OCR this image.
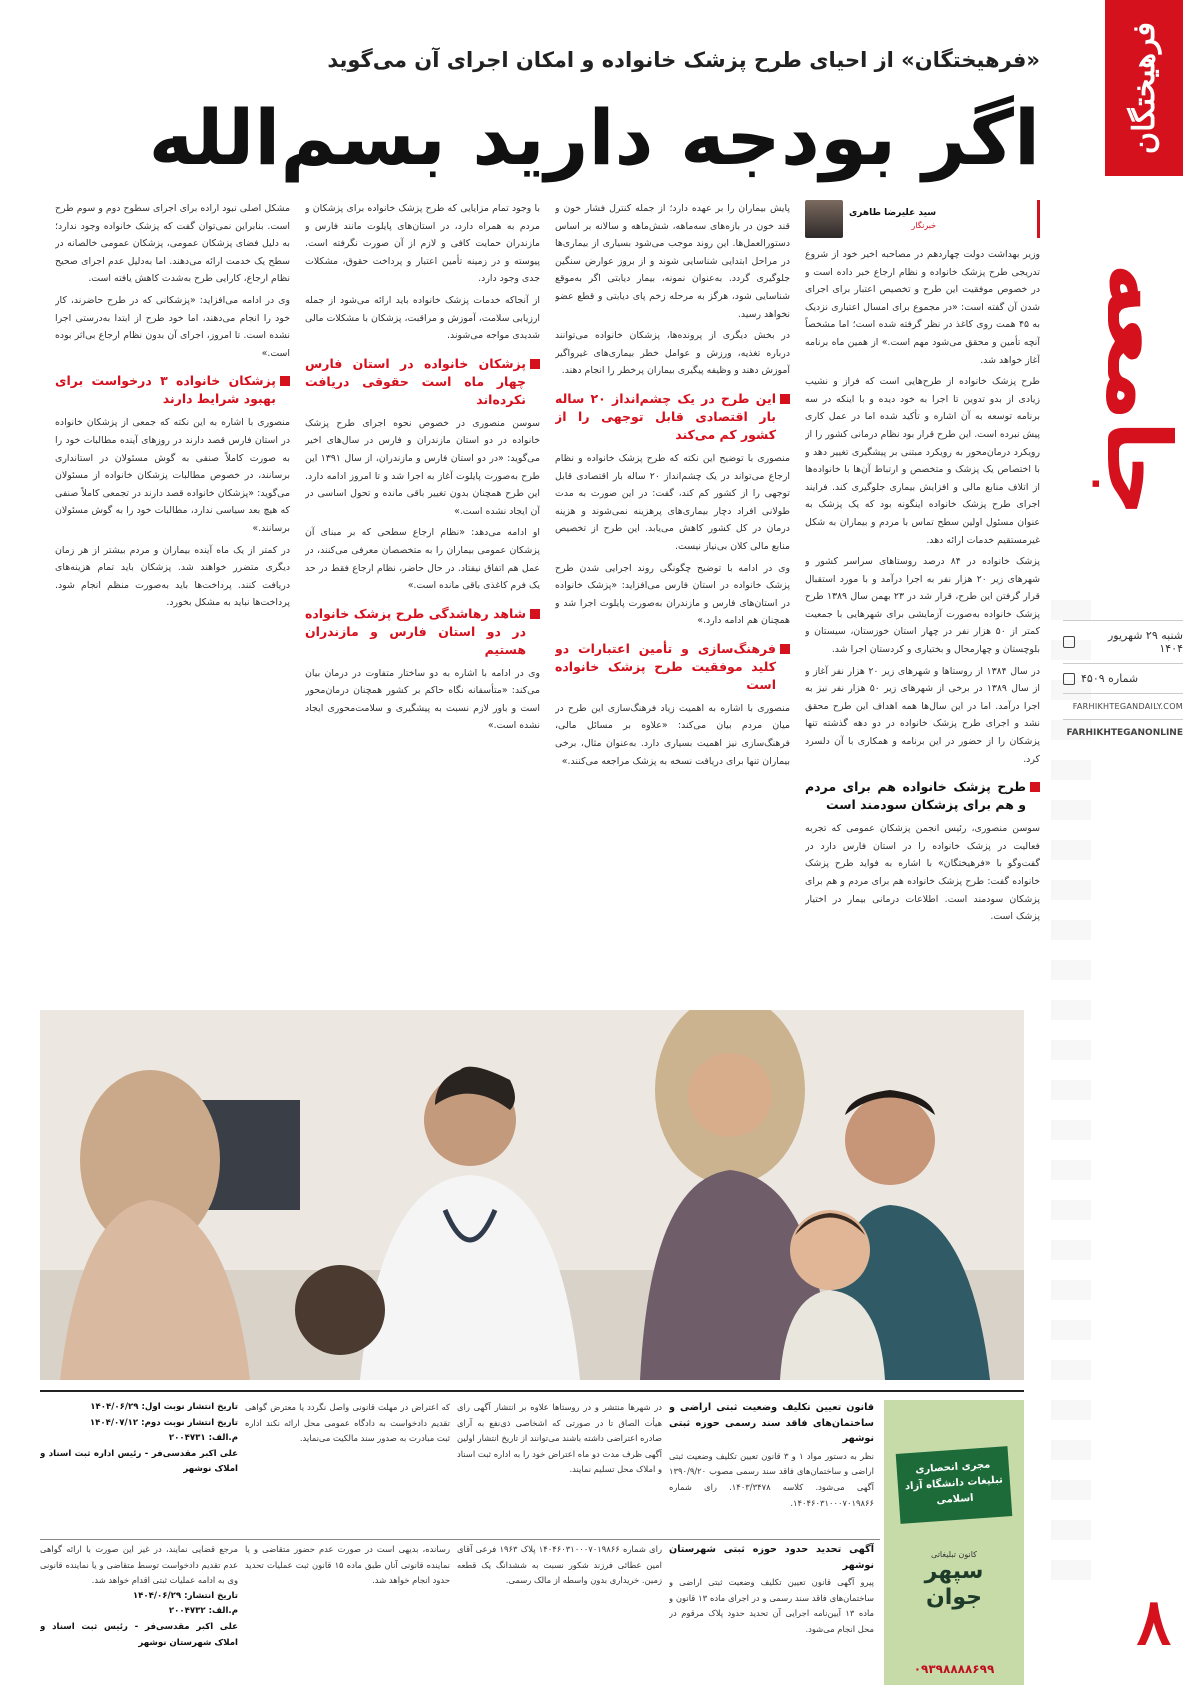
فرهیختگان
جامعه
شنبه ۲۹ شهریور ۱۴۰۴
شماره ۴۵۰۹
FARHIKHTEGANDAILY.COM
FARHIKHTEGANONLINE
۸
«فرهیختگان» از احیای طرح پزشک خانواده و امکان اجرای آن می‌گوید
اگر بودجه دارید بسم‌الله
سید علیرضا طاهری
خبرنگار

وزیر بهداشت دولت چهاردهم در مصاحبه اخیر خود از شروع تدریجی طرح پزشک خانواده و نظام ارجاع خبر داده است و در خصوص موفقیت این طرح و تخصیص اعتبار برای اجرای شدن آن گفته است: «در مجموع برای امسال اعتباری نزدیک به ۴۵ همت روی کاغذ در نظر گرفته شده است؛ اما مشخصاً آنچه تأمین و محقق می‌شود مهم است.» از همین ماه برنامه آغاز خواهد شد.

طرح پزشک خانواده از طرح‌هایی است که فراز و نشیب زیادی از بدو تدوین تا اجرا به خود دیده و با اینکه در سه برنامه توسعه به آن اشاره و تأکید شده اما در عمل کاری پیش نبرده است. این طرح قرار بود نظام درمانی کشور را از رویکرد درمان‌محور به رویکرد مبتنی بر پیشگیری تغییر دهد و با اختصاص یک پزشک و متخصص و ارتباط آن‌ها با خانواده‌ها از اتلاف منابع مالی و افزایش بیماری جلوگیری کند. فرایند اجرای طرح پزشک خانواده اینگونه بود که یک پزشک به عنوان مسئول اولین سطح تماس با مردم و بیماران به شکل غیرمستقیم خدمات ارائه دهد.

پزشک خانواده در ۸۴ درصد روستاهای سراسر کشور و شهرهای زیر ۲۰ هزار نفر به اجرا درآمد و با مورد استقبال قرار گرفتن این طرح، قرار شد در ۲۳ بهمن سال ۱۳۸۹ طرح پزشک خانواده به‌صورت آزمایشی برای شهرهایی با جمعیت کمتر از ۵۰ هزار نفر در چهار استان خوزستان، سیستان و بلوچستان و چهارمحال و بختیاری و کردستان اجرا شد.

در سال ۱۳۸۴ از روستاها و شهرهای زیر ۲۰ هزار نفر آغاز و از سال ۱۳۸۹ در برخی از شهرهای زیر ۵۰ هزار نفر نیز به اجرا درآمد. اما در این سال‌ها همه اهداف این طرح محقق نشد و اجرای طرح پزشک خانواده در دو دهه گذشته تنها پزشکان را از حضور در این برنامه و همکاری با آن دلسرد کرد.

طرح پزشک خانواده هم برای مردم و هم برای پزشکان سودمند است

سوسن منصوری، رئیس انجمن پزشکان عمومی که تجربه فعالیت در پزشک خانواده را در استان فارس دارد در گفت‌وگو با «فرهیختگان» با اشاره به فواید طرح پزشک خانواده گفت: طرح پزشک خانواده هم برای مردم و هم برای پزشکان سودمند است. اطلاعات درمانی بیمار در اختیار پزشک است.

پایش بیماران را بر عهده دارد؛ از جمله کنترل فشار خون و قند خون در بازه‌های سه‌ماهه، شش‌ماهه و سالانه بر اساس دستورالعمل‌ها. این روند موجب می‌شود بسیاری از بیماری‌ها در مراحل ابتدایی شناسایی شوند و از بروز عوارض سنگین جلوگیری گردد. به‌عنوان نمونه، بیمار دیابتی اگر به‌موقع شناسایی شود، هرگز به مرحله زخم پای دیابتی و قطع عضو نخواهد رسید.

در بخش دیگری از پرونده‌ها، پزشکان خانواده می‌توانند درباره تغذیه، ورزش و عوامل خطر بیماری‌های غیرواگیر آموزش دهند و وظیفه پیگیری بیماران پرخطر را انجام دهند.

این طرح در یک چشم‌انداز ۲۰ ساله بار اقتصادی قابل توجهی را از کشور کم می‌کند

منصوری با توضیح این نکته که طرح پزشک خانواده و نظام ارجاع می‌تواند در یک چشم‌انداز ۲۰ ساله بار اقتصادی قابل توجهی را از کشور کم کند، گفت: در این صورت به مدت طولانی افراد دچار بیماری‌های پرهزینه نمی‌شوند و هزینه درمان در کل کشور کاهش می‌یابد. این طرح از تخصیص منابع مالی کلان بی‌نیاز نیست.

وی در ادامه با توضیح چگونگی روند اجرایی شدن طرح پزشک خانواده در استان فارس می‌افزاید: «پزشک خانواده در استان‌های فارس و مازندران به‌صورت پایلوت اجرا شد و همچنان هم ادامه دارد.»

فرهنگ‌سازی و تأمین اعتبارات دو کلید موفقیت طرح پزشک خانواده است

منصوری با اشاره به اهمیت زیاد فرهنگ‌سازی این طرح در میان مردم بیان می‌کند: «علاوه بر مسائل مالی، فرهنگ‌سازی نیز اهمیت بسیاری دارد. به‌عنوان مثال، برخی بیماران تنها برای دریافت نسخه به پزشک مراجعه می‌کنند.»

با وجود تمام مزایایی که طرح پزشک خانواده برای پزشکان و مردم به همراه دارد، در استان‌های پایلوت مانند فارس و مازندران حمایت کافی و لازم از آن صورت نگرفته است. پیوسته و در زمینه تأمین اعتبار و پرداخت حقوق، مشکلات جدی وجود دارد.

از آنجاکه خدمات پزشک خانواده باید ارائه می‌شود از جمله ارزیابی سلامت، آموزش و مراقبت، پزشکان با مشکلات مالی شدیدی مواجه می‌شوند.

پزشکان خانواده در استان فارس چهار ماه است حقوقی دریافت نکرده‌اند

سوسن منصوری در خصوص نحوه اجرای طرح پزشک خانواده در دو استان مازندران و فارس در سال‌های اخیر می‌گوید: «در دو استان فارس و مازندران، از سال ۱۳۹۱ این طرح به‌صورت پایلوت آغاز به اجرا شد و تا امروز ادامه دارد. این طرح همچنان بدون تغییر باقی مانده و تحول اساسی در آن ایجاد نشده است.»

او ادامه می‌دهد: «نظام ارجاع سطحی که بر مبنای آن پزشکان عمومی بیماران را به متخصصان معرفی می‌کنند، در عمل هم اتفاق نیفتاد. در حال حاضر، نظام ارجاع فقط در حد یک فرم کاغذی باقی مانده است.»

شاهد رهاشدگی طرح پزشک خانواده در دو استان فارس و مازندران هستیم

وی در ادامه با اشاره به دو ساختار متفاوت در درمان بیان می‌کند: «متأسفانه نگاه حاکم بر کشور همچنان درمان‌محور است و باور لازم نسبت به پیشگیری و سلامت‌محوری ایجاد نشده است.»

مشکل اصلی نبود اراده برای اجرای سطوح دوم و سوم طرح است. بنابراین نمی‌توان گفت که پزشک خانواده وجود ندارد؛ به دلیل فضای پزشکان عمومی، پزشکان عمومی خالصانه در سطح یک خدمت ارائه می‌دهند. اما به‌دلیل عدم اجرای صحیح نظام ارجاع، کارایی طرح به‌شدت کاهش یافته است.

وی در ادامه می‌افزاید: «پزشکانی که در طرح حاضرند، کار خود را انجام می‌دهند، اما خود طرح از ابتدا به‌درستی اجرا نشده است. تا امروز، اجرای آن بدون نظام ارجاع بی‌اثر بوده است.»

پزشکان خانواده ۳ درخواست برای بهبود شرایط دارند

منصوری با اشاره به این نکته که جمعی از پزشکان خانواده در استان فارس قصد دارند در روزهای آینده مطالبات خود را به صورت کاملاً صنفی به گوش مسئولان در استانداری برسانند، در خصوص مطالبات پزشکان خانواده از مسئولان می‌گوید: «پزشکان خانواده قصد دارند در تجمعی کاملاً صنفی که هیچ بعد سیاسی ندارد، مطالبات خود را به گوش مسئولان برسانند.»

در کمتر از یک ماه آینده بیماران و مردم بیشتر از هر زمان دیگری متضرر خواهند شد. پزشکان باید تمام هزینه‌های دریافت کنند. پرداخت‌ها باید به‌صورت منظم انجام شود. پرداخت‌ها نباید به مشکل بخورد.

مجری انحصاری تبلیغات دانشگاه آزاد اسلامی
کانون تبلیغاتی
سپهر جوان
۰۹۳۹۸۸۸۸۶۹۹
قانون تعیین تکلیف وضعیت ثبتی اراضی و ساختمان‌های فاقد سند رسمی حوزه ثبتی نوشهر
نظر به دستور مواد ۱ و ۳ قانون تعیین تکلیف وضعیت ثبتی اراضی و ساختمان‌های فاقد سند رسمی مصوب ۱۳۹۰/۹/۲۰ آگهی می‌شود. کلاسه ۱۴۰۳/۳۴۷۸. رای شماره ۱۴۰۴۶۰۳۱۰۰۰۷۰۱۹۸۶۶.
در شهرها منتشر و در روستاها علاوه بر انتشار آگهی رای هیأت الصاق تا در صورتی که اشخاصی ذی‌نفع به آرای صادره اعتراضی داشته باشند می‌توانند از تاریخ انتشار اولین آگهی ظرف مدت دو ماه اعتراض خود را به اداره ثبت اسناد و املاک محل تسلیم نمایند.
که اعتراض در مهلت قانونی واصل نگردد یا معترض گواهی تقدیم دادخواست به دادگاه عمومی محل ارائه نکند اداره ثبت مبادرت به صدور سند مالکیت می‌نماید.
تاریخ انتشار نوبت اول: ۱۴۰۴/۰۶/۲۹
تاریخ انتشار نوبت دوم: ۱۴۰۴/۰۷/۱۲
م.الف: ۲۰۰۴۷۳۱
علی اکبر مقدسی‌فر - رئیس اداره ثبت اسناد و املاک نوشهر
آگهی تحدید حدود حوزه ثبتی شهرستان نوشهر
پیرو آگهی قانون تعیین تکلیف وضعیت ثبتی اراضی و ساختمان‌های فاقد سند رسمی و در اجرای ماده ۱۳ قانون و ماده ۱۳ آیین‌نامه اجرایی آن تحدید حدود پلاک مرقوم در محل انجام می‌شود.
رای شماره ۱۴۰۴۶۰۳۱۰۰۰۷۰۱۹۸۶۶ پلاک ۱۹۶۳ فرعی آقای امین عطائی فرزند شکور نسبت به ششدانگ یک قطعه زمین. خریداری بدون واسطه از مالک رسمی.
رسانده، بدیهی است در صورت عدم حضور متقاضی و یا نماینده قانونی آنان طبق ماده ۱۵ قانون ثبت عملیات تحدید حدود انجام خواهد شد.
مرجع قضایی نمایند، در غیر این صورت با ارائه گواهی عدم تقدیم دادخواست توسط متقاضی و یا نماینده قانونی وی به ادامه عملیات ثبتی اقدام خواهد شد.
تاریخ انتشار: ۱۴۰۴/۰۶/۲۹
م.الف: ۲۰۰۴۷۳۲
علی اکبر مقدسی‌فر - رئیس ثبت اسناد و املاک شهرستان نوشهر
